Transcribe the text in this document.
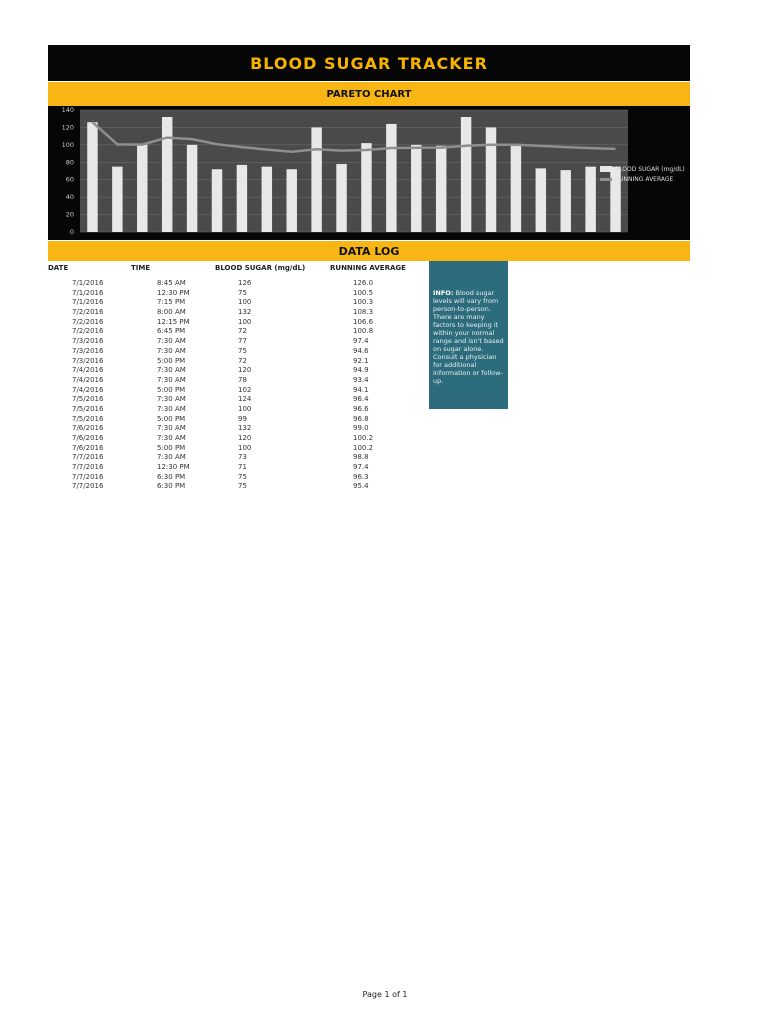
BLOOD SUGAR TRACKER
PARETO CHART
0
20
40
60
80
100
120
140
BLOOD SUGAR (mg/dL)
RUNNING AVERAGE
DATA LOG
DATE	TIME	BLOOD SUGAR (mg/dL)	RUNNING AVERAGE
7/1/2016	8:45 AM	126	126.0
7/1/2016	12:30 PM	75	100.5
7/1/2016	7:15 PM	100	100.3
7/2/2016	8:00 AM	132	108.3
7/2/2016	12:15 PM	100	106.6
7/2/2016	6:45 PM	72	100.8
7/3/2016	7:30 AM	77	97.4
7/3/2016	7:30 AM	75	94.6
7/3/2016	5:00 PM	72	92.1
7/4/2016	7:30 AM	120	94.9
7/4/2016	7:30 AM	78	93.4
7/4/2016	5:00 PM	102	94.1
7/5/2016	7:30 AM	124	96.4
7/5/2016	7:30 AM	100	96.6
7/5/2016	5:00 PM	99	96.8
7/6/2016	7:30 AM	132	99.0
7/6/2016	7:30 AM	120	100.2
7/6/2016	5:00 PM	100	100.2
7/7/2016	7:30 AM	73	98.8
7/7/2016	12:30 PM	71	97.4
7/7/2016	6:30 PM	75	96.3
7/7/2016	6:30 PM	75	95.4
INFO: Blood sugar levels will vary from person-to-person. There are many factors to keeping it within your normal range and isn't based on sugar alone. Consult a physician for additional information or follow-up.
Page 1 of 1
